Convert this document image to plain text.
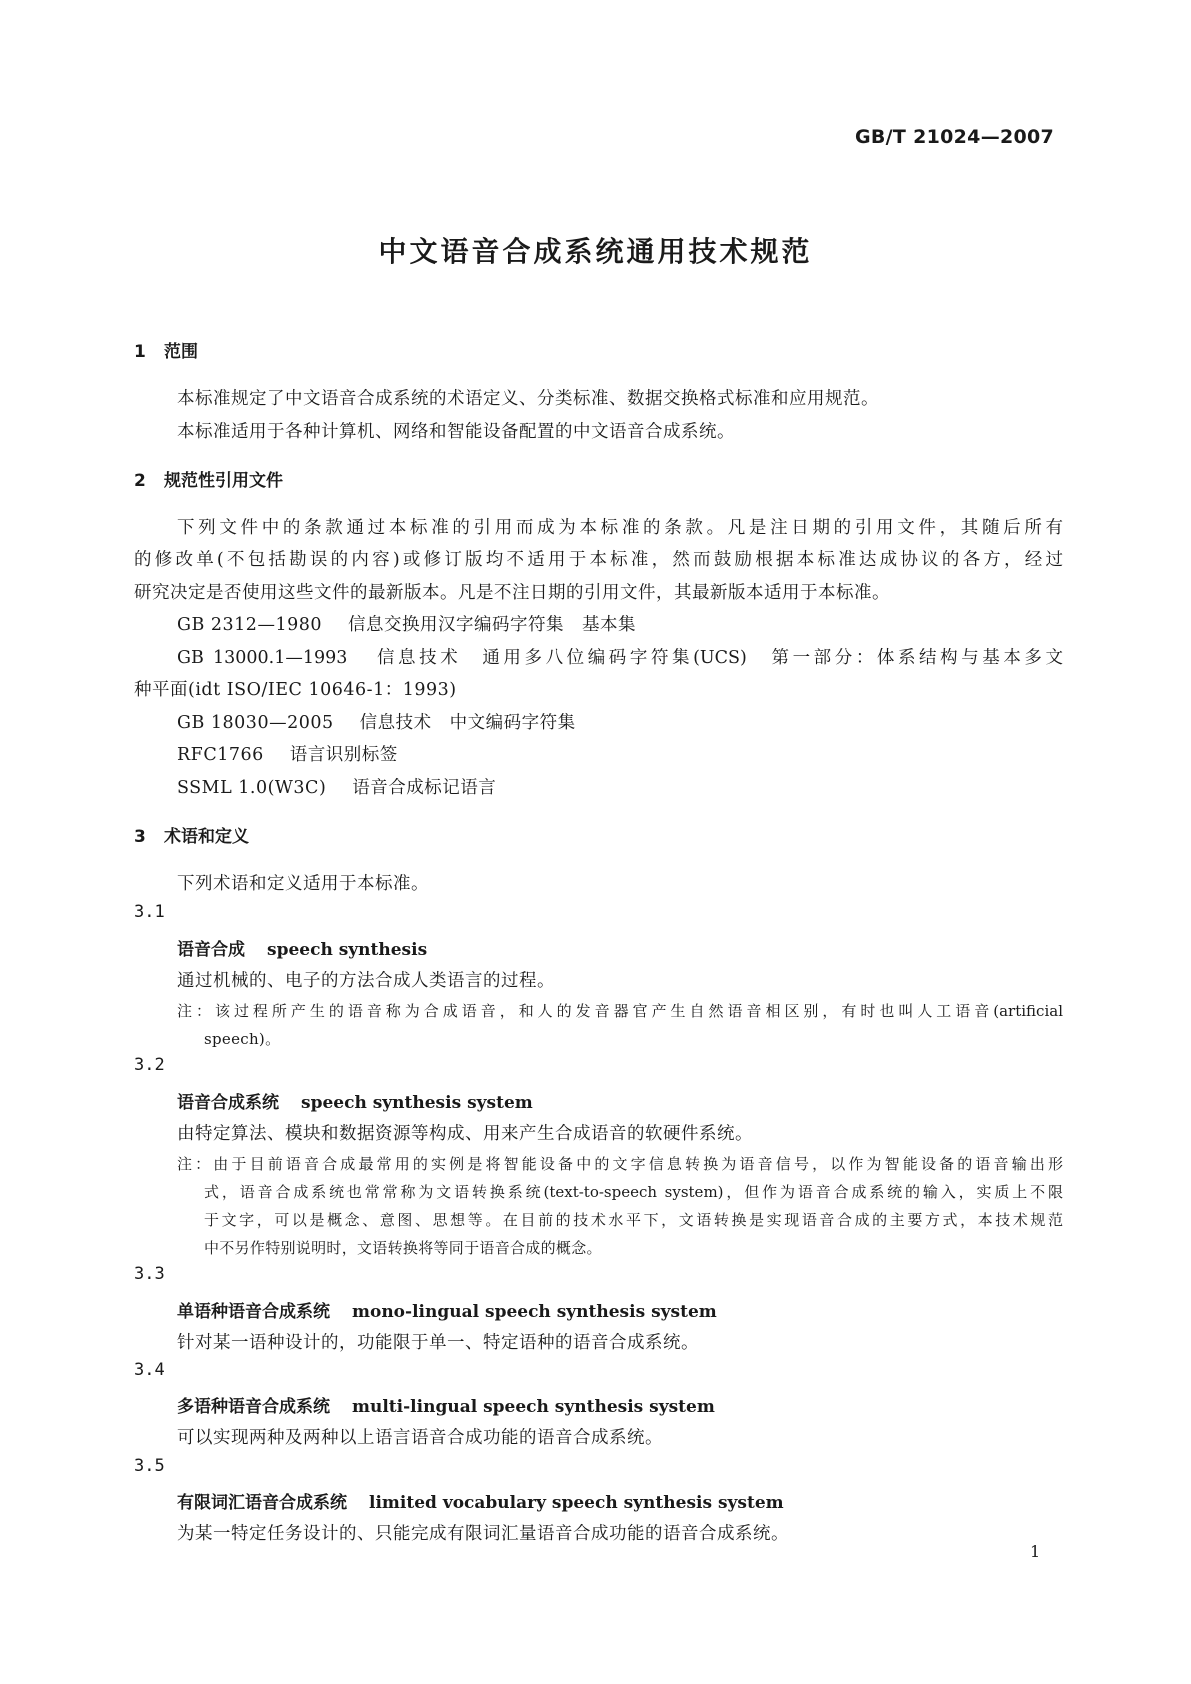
GB/T 21024—2007
中文语音合成系统通用技术规范
1 范围
本标准规定了中文语音合成系统的术语定义、分类标准、数据交换格式标准和应用规范。
本标准适用于各种计算机、网络和智能设备配置的中文语音合成系统。
2 规范性引用文件
下列文件中的条款通过本标准的引用而成为本标准的条款。凡是注日期的引用文件，其随后所有
的修改单(不包括勘误的内容)或修订版均不适用于本标准，然而鼓励根据本标准达成协议的各方，经过
研究决定是否使用这些文件的最新版本。凡是不注日期的引用文件，其最新版本适用于本标准。
GB 2312—1980 信息交换用汉字编码字符集　基本集
GB 13000.1—1993 信息技术　通用多八位编码字符集(UCS)　第一部分：体系结构与基本多文
种平面(idt ISO/IEC 10646-1：1993)
GB 18030—2005 信息技术　中文编码字符集
RFC1766 语言识别标签
SSML 1.0(W3C) 语音合成标记语言
3 术语和定义
下列术语和定义适用于本标准。
3.1
语音合成 speech synthesis
通过机械的、电子的方法合成人类语言的过程。
注：该过程所产生的语音称为合成语音，和人的发音器官产生自然语音相区别，有时也叫人工语音(artificial
speech)。
3.2
语音合成系统 speech synthesis system
由特定算法、模块和数据资源等构成、用来产生合成语音的软硬件系统。
注：由于目前语音合成最常用的实例是将智能设备中的文字信息转换为语音信号，以作为智能设备的语音输出形
式，语音合成系统也常常称为文语转换系统(text-to-speech system)，但作为语音合成系统的输入，实质上不限
于文字，可以是概念、意图、思想等。在目前的技术水平下，文语转换是实现语音合成的主要方式，本技术规范
中不另作特别说明时，文语转换将等同于语音合成的概念。
3.3
单语种语音合成系统 mono-lingual speech synthesis system
针对某一语种设计的，功能限于单一、特定语种的语音合成系统。
3.4
多语种语音合成系统 multi-lingual speech synthesis system
可以实现两种及两种以上语言语音合成功能的语音合成系统。
3.5
有限词汇语音合成系统 limited vocabulary speech synthesis system
为某一特定任务设计的、只能完成有限词汇量语音合成功能的语音合成系统。
1
